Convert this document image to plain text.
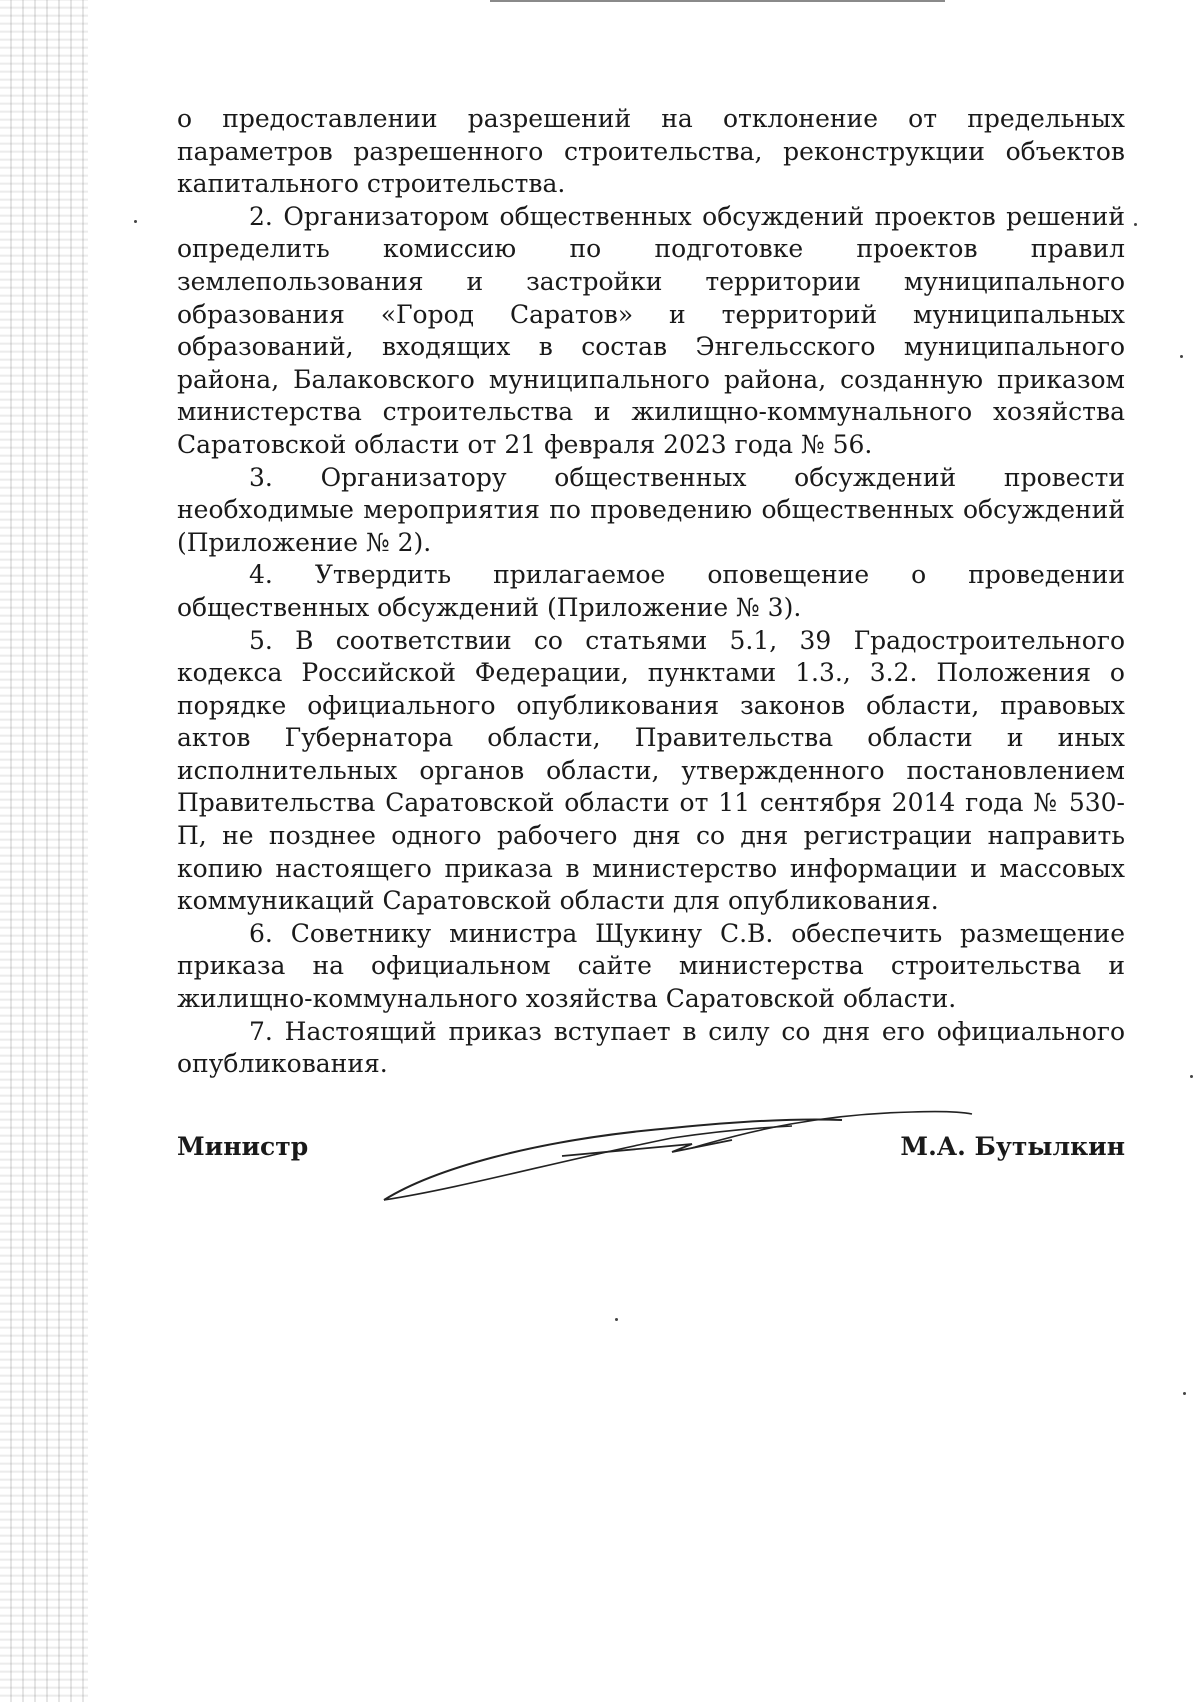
о предоставлении разрешений на отклонение от предельных параметров разрешенного строительства, реконструкции объектов капитального строительства.

2. Организатором общественных обсуждений проектов решений определить комиссию по подготовке проектов правил землепользования и застройки территории муниципального образования «Город Саратов» и территорий муниципальных образований, входящих в состав Энгельсского муниципального района, Балаковского муниципального района, созданную приказом министерства строительства и жилищно-коммунального хозяйства Саратовской области от 21 февраля 2023 года № 56.

3. Организатору общественных обсуждений провести необходимые мероприятия по проведению общественных обсуждений (Приложение № 2).

4. Утвердить прилагаемое оповещение о проведении общественных обсуждений (Приложение № 3).

5. В соответствии со статьями 5.1, 39 Градостроительного кодекса Российской Федерации, пунктами 1.3., 3.2. Положения о порядке официального опубликования законов области, правовых актов Губернатора области, Правительства области и иных исполнительных органов области, утвержденного постановлением Правительства Саратовской области от 11 сентября 2014 года № 530-П, не позднее одного рабочего дня со дня регистрации направить копию настоящего приказа в министерство информации и массовых коммуникаций Саратовской области для опубликования.

6. Советнику министра Щукину С.В. обеспечить размещение приказа на официальном сайте министерства строительства и жилищно-коммунального хозяйства Саратовской области.

7. Настоящий приказ вступает в силу со дня его официального опубликования.

Министр	М.А. Бутылкин
